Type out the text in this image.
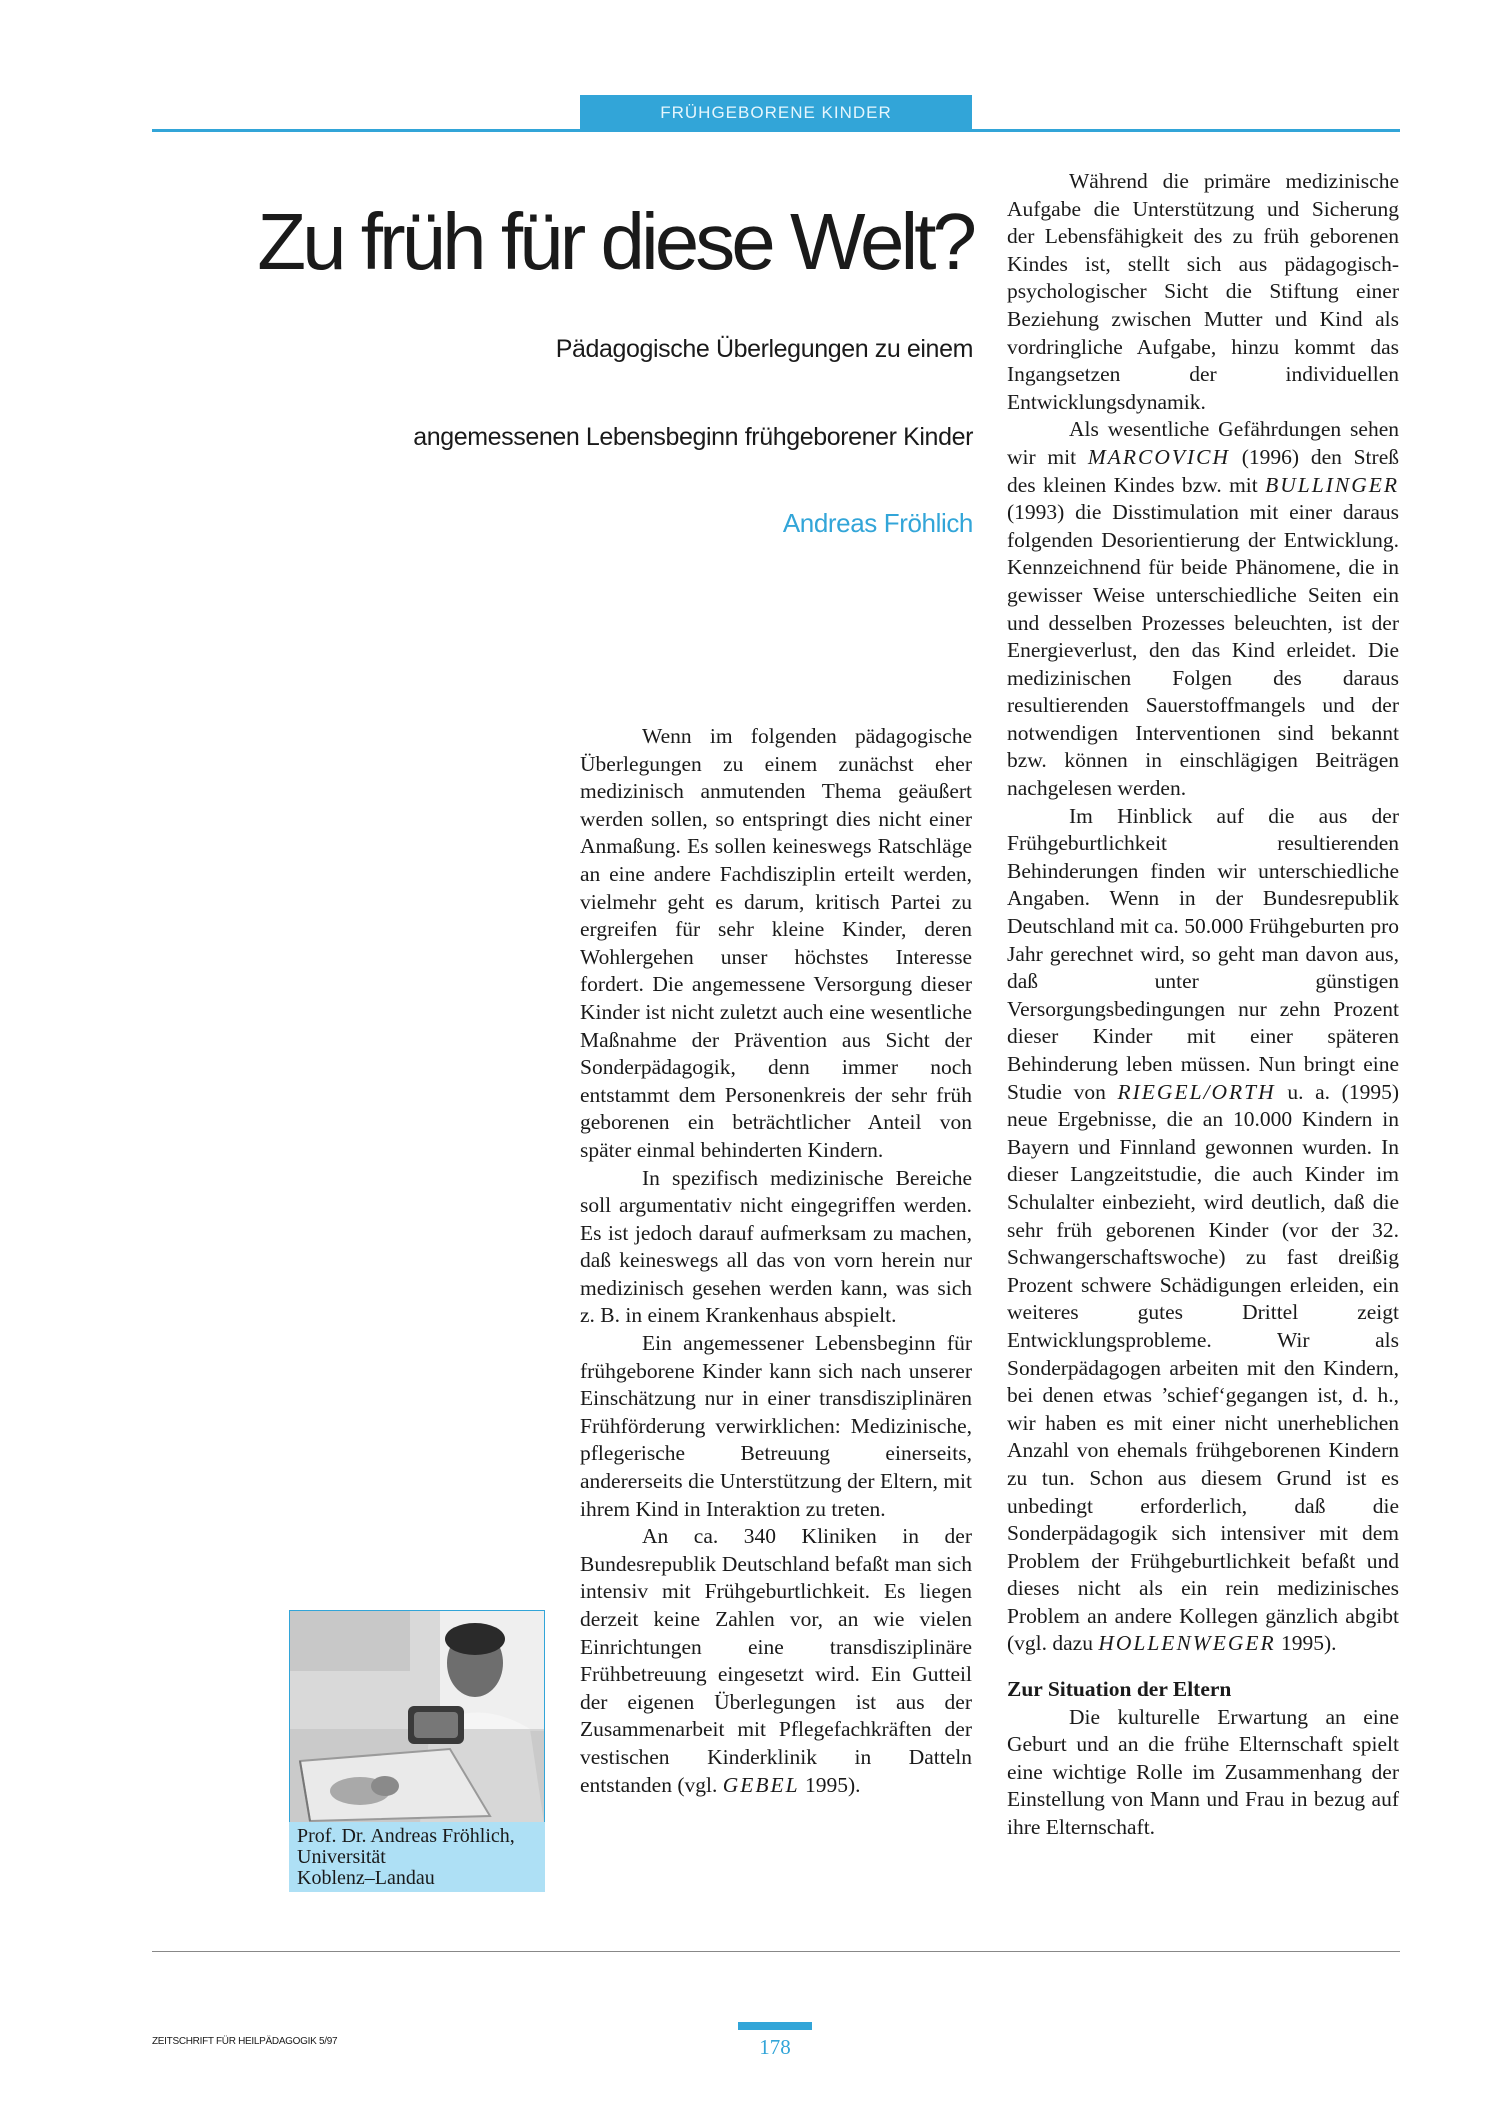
FRÜHGEBORENE KINDER
Zu früh für diese Welt?

Pädagogische Überlegungen zu einem

angemessenen Lebensbeginn frühgeborener Kinder

Andreas Fröhlich

Wenn im folgenden pädagogische Überlegungen zu einem zunächst eher medizinisch anmutenden Thema geäußert werden sollen, so entspringt dies nicht einer Anmaßung. Es sollen keineswegs Ratschläge an eine andere Fachdisziplin erteilt werden, vielmehr geht es darum, kritisch Partei zu ergreifen für sehr kleine Kinder, deren Wohlergehen unser höchstes Interesse fordert. Die angemessene Versorgung dieser Kinder ist nicht zuletzt auch eine wesentliche Maßnahme der Prävention aus Sicht der Sonderpädagogik, denn immer noch entstammt dem Personenkreis der sehr früh geborenen ein beträchtlicher Anteil von später einmal behinderten Kindern.

In spezifisch medizinische Bereiche soll argumentativ nicht eingegriffen werden. Es ist jedoch darauf aufmerksam zu machen, daß keineswegs all das von vorn herein nur medizinisch gesehen werden kann, was sich z. B. in einem Krankenhaus abspielt.

Ein angemessener Lebensbeginn für frühgeborene Kinder kann sich nach unserer Einschätzung nur in einer transdisziplinären Frühförderung verwirklichen: Medizinische, pflegerische Betreuung einerseits, andererseits die Unterstützung der Eltern, mit ihrem Kind in Interaktion zu treten.

An ca. 340 Kliniken in der Bundesrepublik Deutschland befaßt man sich intensiv mit Frühgeburtlichkeit. Es liegen derzeit keine Zahlen vor, an wie vielen Einrichtungen eine transdisziplinäre Frühbetreuung eingesetzt wird. Ein Gutteil der eigenen Überlegungen ist aus der Zusammenarbeit mit Pflegefachkräften der vestischen Kinderklinik in Datteln entstanden (vgl. GEBEL 1995).

Während die primäre medizinische Aufgabe die Unterstützung und Sicherung der Lebensfähigkeit des zu früh geborenen Kindes ist, stellt sich aus pädagogisch-psychologischer Sicht die Stiftung einer Beziehung zwischen Mutter und Kind als vordringliche Aufgabe, hinzu kommt das Ingangsetzen der individuellen Entwicklungsdynamik.

Als wesentliche Gefährdungen sehen wir mit MARCOVICH (1996) den Streß des kleinen Kindes bzw. mit BULLINGER (1993) die Disstimulation mit einer daraus folgenden Desorientierung der Entwicklung. Kennzeichnend für beide Phänomene, die in gewisser Weise unterschiedliche Seiten ein und desselben Prozesses beleuchten, ist der Energieverlust, den das Kind erleidet. Die medizinischen Folgen des daraus resultierenden Sauerstoffmangels und der notwendigen Interventionen sind bekannt bzw. können in einschlägigen Beiträgen nachgelesen werden.

Im Hinblick auf die aus der Frühgeburtlichkeit resultierenden Behinderungen finden wir unterschiedliche Angaben. Wenn in der Bundesrepublik Deutschland mit ca. 50.000 Frühgeburten pro Jahr gerechnet wird, so geht man davon aus, daß unter günstigen Versorgungsbedingungen nur zehn Prozent dieser Kinder mit einer späteren Behinderung leben müssen. Nun bringt eine Studie von RIEGEL/ORTH u. a. (1995) neue Ergebnisse, die an 10.000 Kindern in Bayern und Finnland gewonnen wurden. In dieser Langzeitstudie, die auch Kinder im Schulalter einbezieht, wird deutlich, daß die sehr früh geborenen Kinder (vor der 32. Schwangerschaftswoche) zu fast dreißig Prozent schwere Schädigungen erleiden, ein weiteres gutes Drittel zeigt Entwicklungsprobleme. Wir als Sonderpädagogen arbeiten mit den Kindern, bei denen etwas ’schief‘gegangen ist, d. h., wir haben es mit einer nicht unerheblichen Anzahl von ehemals frühgeborenen Kindern zu tun. Schon aus diesem Grund ist es unbedingt erforderlich, daß die Sonderpädagogik sich intensiver mit dem Problem der Frühgeburtlichkeit befaßt und dieses nicht als ein rein medizinisches Problem an andere Kollegen gänzlich abgibt (vgl. dazu HOLLENWEGER 1995).

Zur Situation der Eltern

Die kulturelle Erwartung an eine Geburt und an die frühe Elternschaft spielt eine wichtige Rolle im Zusammenhang der Einstellung von Mann und Frau in bezug auf ihre Elternschaft.

Prof. Dr. Andreas Fröhlich,
Universität
Koblenz–Landau
ZEITSCHRIFT FÜR HEILPÄDAGOGIK 5/97	178
